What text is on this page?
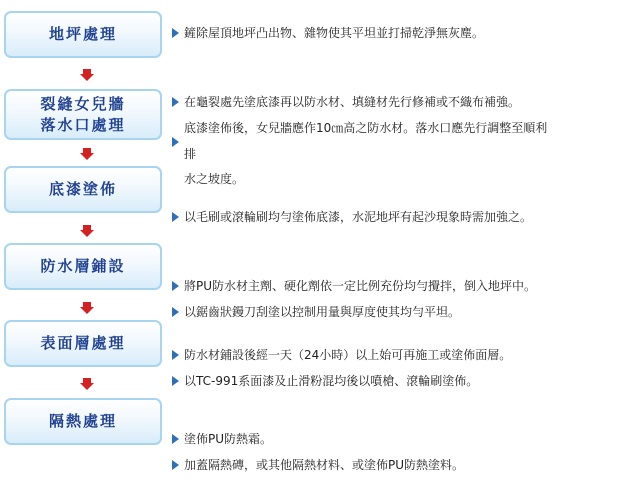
地坪處理
裂縫女兒牆
落水口處理
底漆塗佈
防水層鋪設
表面層處理
隔熱處理
鏟除屋頂地坪凸出物、雜物使其平坦並打掃乾淨無灰塵。
在龜裂處先塗底漆再以防水材、填縫材先行修補或不織布補強。
底漆塗佈後，女兒牆應作10㎝高之防水材。落水口應先行調整至順利
排
水之坡度。
以毛刷或滾輪刷均勻塗佈底漆，水泥地坪有起沙現象時需加強之。
將PU防水材主劑、硬化劑依一定比例充份均勻攪拌，倒入地坪中。
以鋸齒狀鏝刀刮塗以控制用量與厚度使其均勻平坦。
防水材鋪設後經一天（24小時）以上始可再施工或塗佈面層。
以TC-991系面漆及止滑粉混均後以噴槍、滾輪刷塗佈。
塗佈PU防熱霜。
加蓋隔熱磚，或其他隔熱材料、或塗佈PU防熱塗料。
